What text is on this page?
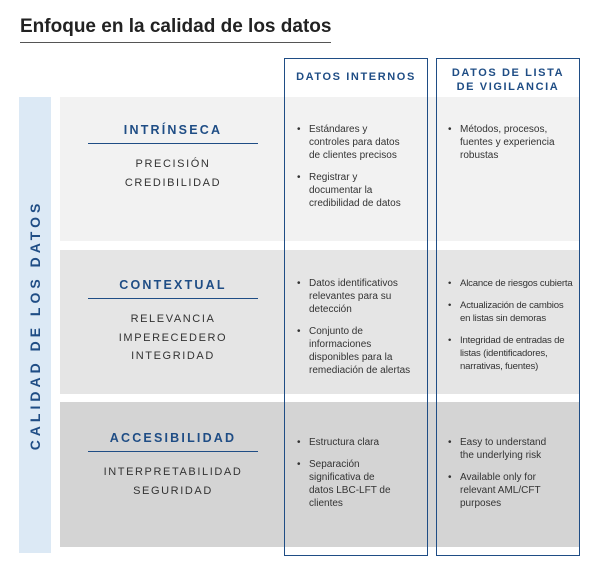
Enfoque en la calidad de los datos
CALIDAD DE LOS DATOS
INTRÍNSECA
PRECISIÓN
CREDIBILIDAD
CONTEXTUAL
RELEVANCIA
IMPERECEDERO
INTEGRIDAD
ACCESIBILIDAD
INTERPRETABILIDAD
SEGURIDAD
DATOS INTERNOS	DATOS DE LISTA
DE VIGILANCIA
• Estándares y
controles para datos
de clientes precisos
• Registrar y
documentar la
credibilidad de datos
• Métodos, procesos,
fuentes y experiencia
robustas
• Datos identificativos
relevantes para su
detección
• Conjunto de
informaciones
disponibles para la
remediación de alertas
• Alcance de riesgos cubierta
• Actualización de cambios
en listas sin demoras
• Integridad de entradas de
listas (identificadores,
narrativas, fuentes)
• Estructura clara
• Separación
significativa de
datos LBC-LFT de
clientes
• Easy to understand
the underlying risk
• Available only for
relevant AML/CFT
purposes
